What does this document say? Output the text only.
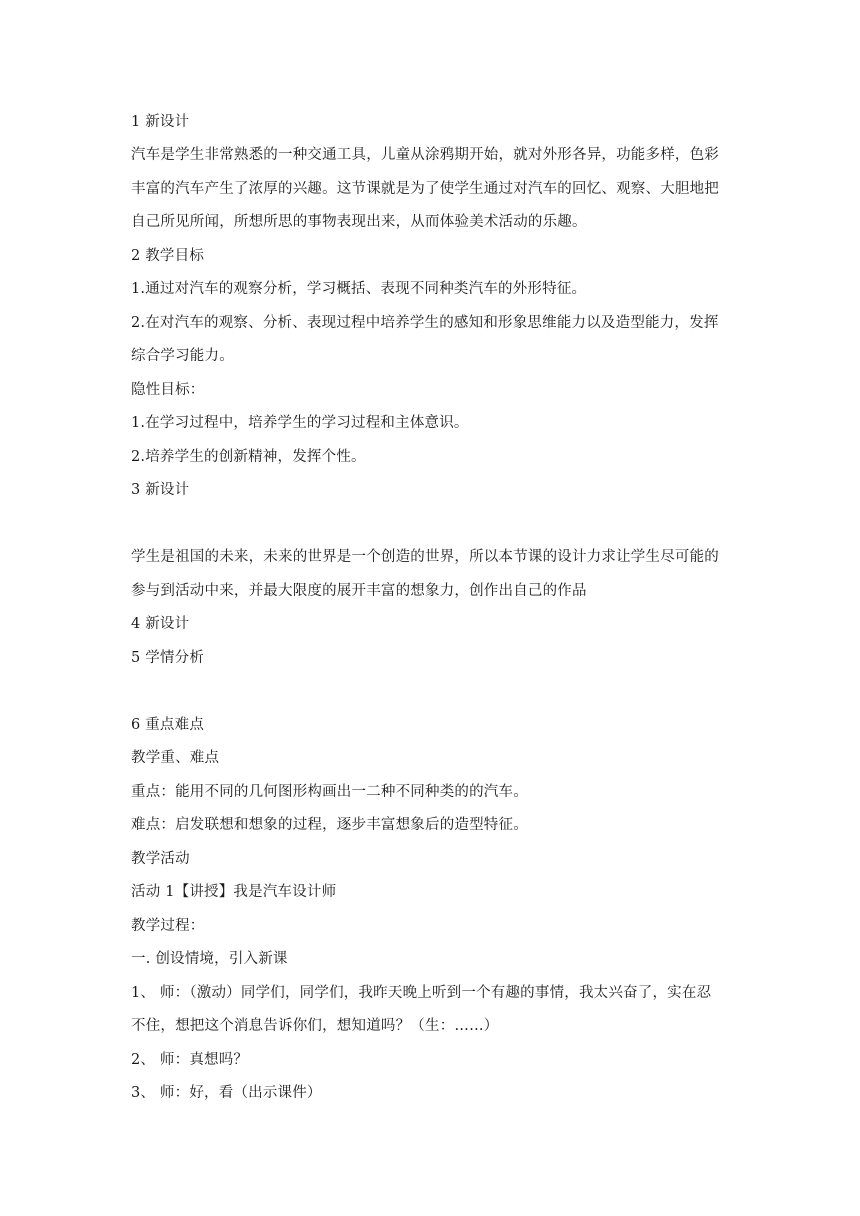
1 新设计
汽车是学生非常熟悉的一种交通工具，儿童从涂鸦期开始，就对外形各异，功能多样，色彩
丰富的汽车产生了浓厚的兴趣。这节课就是为了使学生通过对汽车的回忆、观察、大胆地把
自己所见所闻，所想所思的事物表现出来，从而体验美术活动的乐趣。
2 教学目标
1.通过对汽车的观察分析，学习概括、表现不同种类汽车的外形特征。
2.在对汽车的观察、分析、表现过程中培养学生的感知和形象思维能力以及造型能力，发挥
综合学习能力。
隐性目标：
1.在学习过程中，培养学生的学习过程和主体意识。
2.培养学生的创新精神，发挥个性。
3 新设计
学生是祖国的未来，未来的世界是一个创造的世界，所以本节课的设计力求让学生尽可能的
参与到活动中来，并最大限度的展开丰富的想象力，创作出自己的作品
4 新设计
5 学情分析
6 重点难点
教学重、难点
重点：能用不同的几何图形构画出一二种不同种类的的汽车。
难点：启发联想和想象的过程，逐步丰富想象后的造型特征。
教学活动
活动 1【讲授】我是汽车设计师
教学过程：
一. 创设情境，引入新课
1、 师：（激动）同学们，同学们，我昨天晚上听到一个有趣的事情，我太兴奋了，实在忍
不住，想把这个消息告诉你们，想知道吗？（生：……）
2、 师：真想吗？
3、 师：好，看（出示课件）
